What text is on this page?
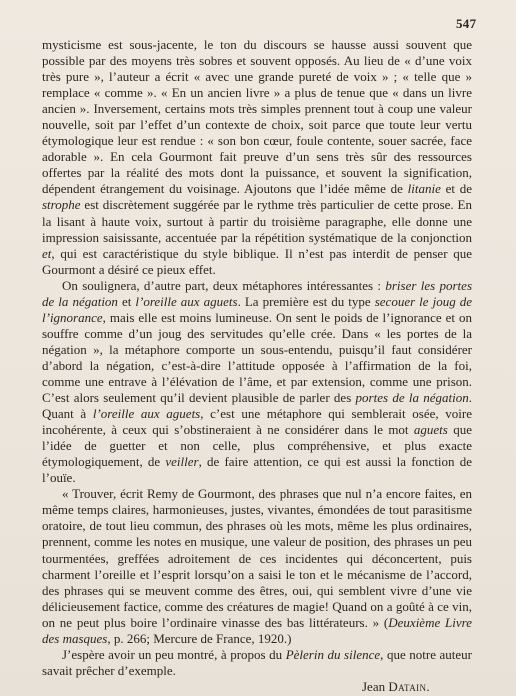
547

mysticisme est sous-jacente, le ton du discours se hausse aussi souvent que possible par des moyens très sobres et souvent opposés. Au lieu de « d’une voix très pure », l’auteur a écrit « avec une grande pureté de voix » ; « telle que » remplace « comme ». « En un ancien livre » a plus de tenue que « dans un livre ancien ». Inversement, certains mots très simples prennent tout à coup une valeur nouvelle, soit par l’effet d’un contexte de choix, soit parce que toute leur vertu étymologique leur est rendue : « son bon cœur, foule contente, souer sacrée, face adorable ». En cela Gourmont fait preuve d’un sens très sûr des ressources offertes par la réalité des mots dont la puissance, et souvent la signification, dépendent étrangement du voisinage. Ajoutons que l’idée même de litanie et de strophe est discrètement suggérée par le rythme très particulier de cette prose. En la lisant à haute voix, surtout à partir du troisième paragraphe, elle donne une impression saisissante, accentuée par la répétition systématique de la conjonction et, qui est caractéristique du style biblique. Il n’est pas interdit de penser que Gourmont a désiré ce pieux effet.

On soulignera, d’autre part, deux métaphores intéressantes : briser les portes de la négation et l’oreille aux aguets. La première est du type secouer le joug de l’ignorance, mais elle est moins lumineuse. On sent le poids de l’ignorance et on souffre comme d’un joug des servitudes qu’elle crée. Dans « les portes de la négation », la métaphore comporte un sous-entendu, puisqu’il faut considérer d’abord la négation, c’est-à-dire l’attitude opposée à l’affirmation de la foi, comme une entrave à l’élévation de l’âme, et par extension, comme une prison. C’est alors seulement qu’il devient plausible de parler des portes de la négation. Quant à l’oreille aux aguets, c’est une métaphore qui semblerait osée, voire incohérente, à ceux qui s’obstineraient à ne considérer dans le mot aguets que l’idée de guetter et non celle, plus compréhensive, et plus exacte étymologiquement, de veiller, de faire attention, ce qui est aussi la fonction de l’ouïe.

« Trouver, écrit Remy de Gourmont, des phrases que nul n’a encore faites, en même temps claires, harmonieuses, justes, vivantes, émondées de tout parasitisme oratoire, de tout lieu commun, des phrases où les mots, même les plus ordinaires, prennent, comme les notes en musique, une valeur de position, des phrases un peu tourmentées, greffées adroitement de ces incidentes qui déconcertent, puis charment l’oreille et l’esprit lorsqu’on a saisi le ton et le mécanisme de l’accord, des phrases qui se meuvent comme des êtres, oui, qui semblent vivre d’une vie délicieusement factice, comme des créatures de magie! Quand on a goûté à ce vin, on ne peut plus boire l’ordinaire vinasse des bas littérateurs. » (Deuxième Livre des masques, p. 266; Mercure de France, 1920.)

J’espère avoir un peu montré, à propos du Pèlerin du silence, que notre auteur savait prêcher d’exemple.

Jean Datain.
